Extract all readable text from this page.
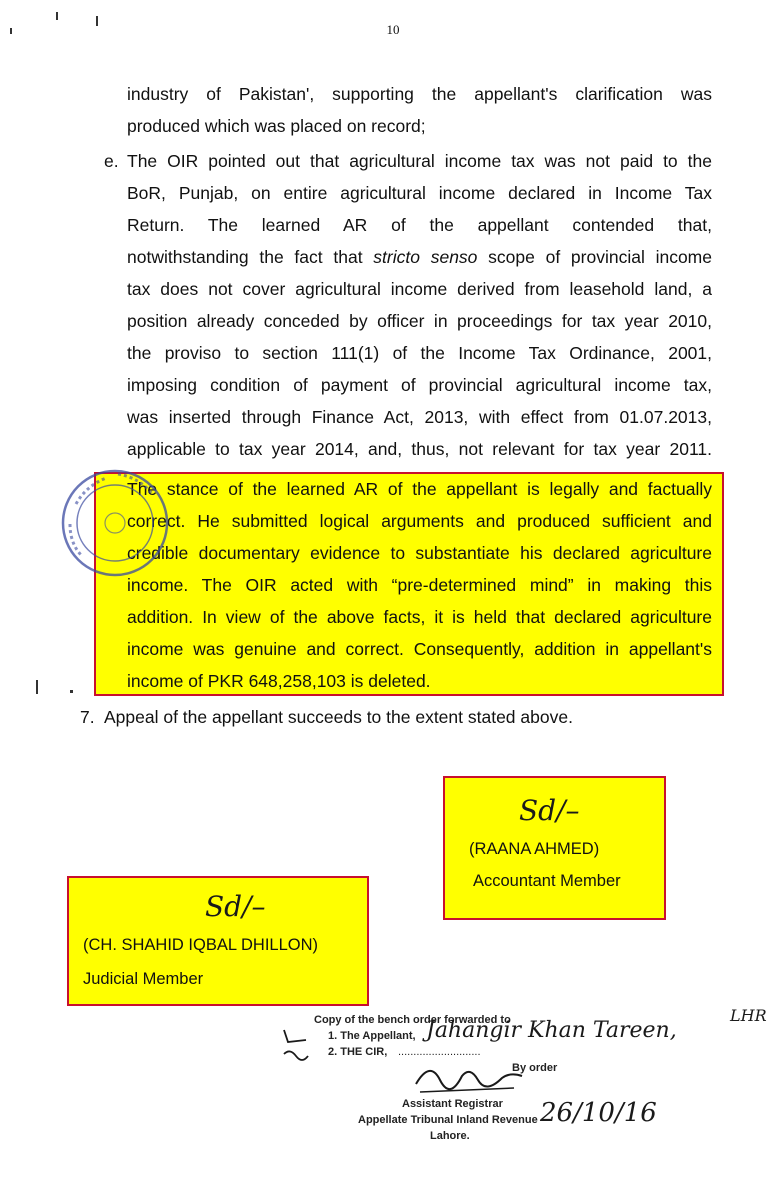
10
industry of Pakistan', supporting the appellant's clarification was
produced which was placed on record;
e. The OIR pointed out that agricultural income tax was not paid to the
BoR, Punjab, on entire agricultural income declared in Income Tax
Return. The learned AR of the appellant contended that,
notwithstanding the fact that stricto senso scope of provincial income
tax does not cover agricultural income derived from leasehold land, a
position already conceded by officer in proceedings for tax year 2010,
the proviso to section 111(1) of the Income Tax Ordinance, 2001,
imposing condition of payment of provincial agricultural income tax,
was inserted through Finance Act, 2013, with effect from 01.07.2013,
applicable to tax year 2014, and, thus, not relevant for tax year 2011.
The stance of the learned AR of the appellant is legally and factually
correct. He submitted logical arguments and produced sufficient and
credible documentary evidence to substantiate his declared agriculture
income. The OIR acted with “pre-determined mind” in making this
addition. In view of the above facts, it is held that declared agriculture
income was genuine and correct. Consequently, addition in appellant's
income of PKR 648,258,103 is deleted.
7. Appeal of the appellant succeeds to the extent stated above.
Sd/–
(RAANA AHMED)
Accountant Member
Sd/–
(CH. SHAHID IQBAL DHILLON)
Judicial Member
Copy of the bench order forwarded to
1. The Appellant,
2. THE CIR, ...........................
By order
Assistant Registrar
Appellate Tribunal Inland Revenue
Lahore.
Jahangir Khan Tareen,
LHR
26/10/16
